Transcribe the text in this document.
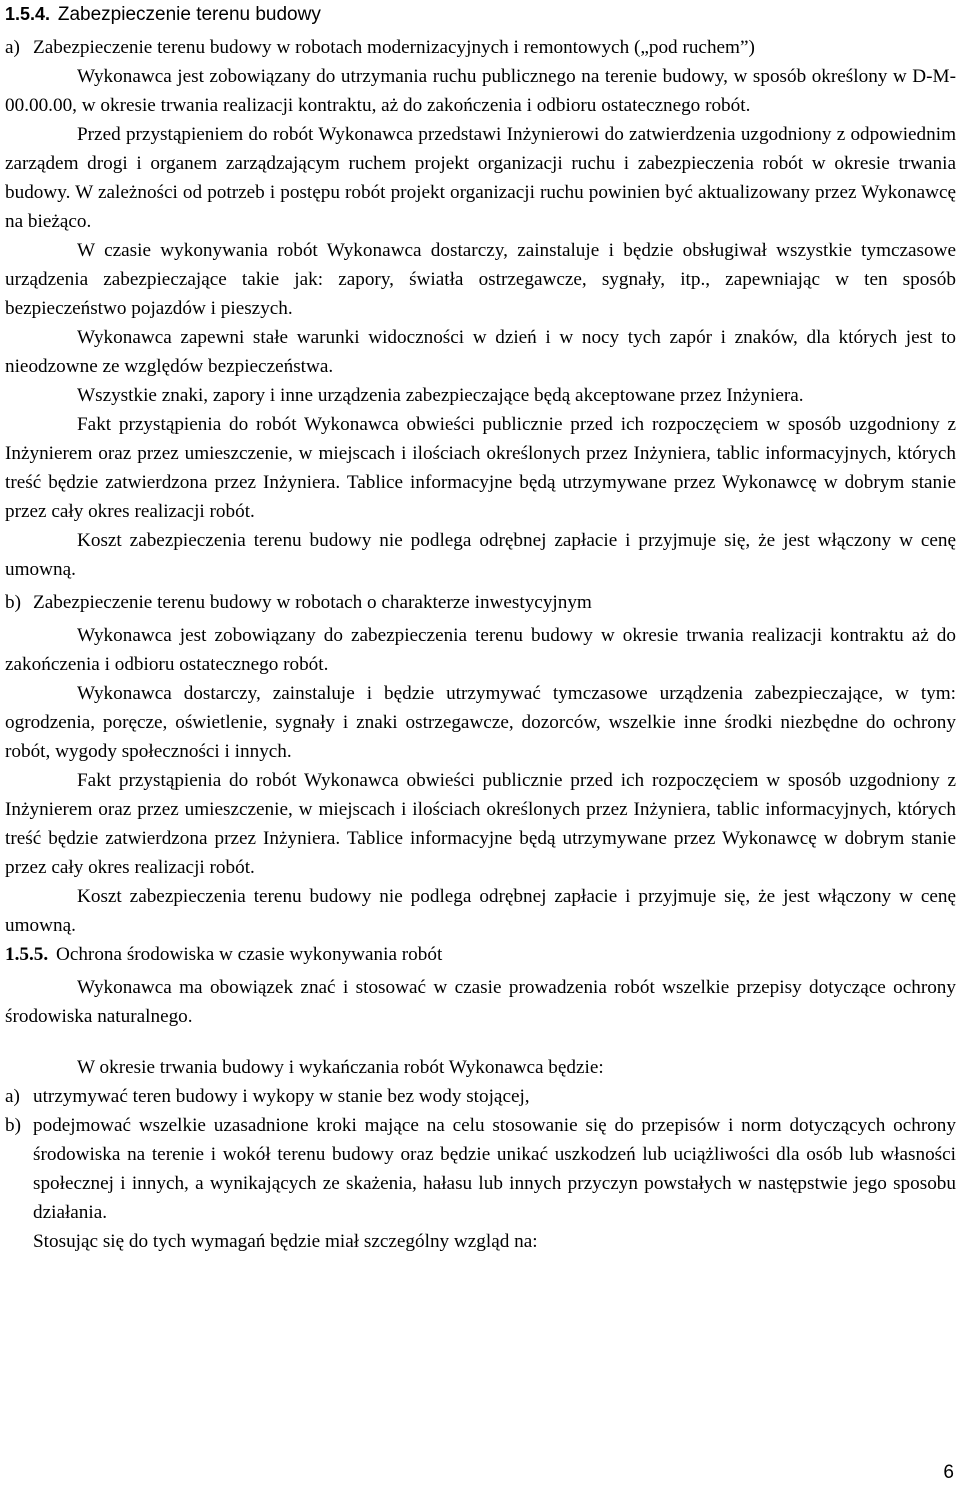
1.5.4. Zabezpieczenie terenu budowy
a) Zabezpieczenie terenu budowy w robotach modernizacyjnych i remontowych („pod ruchem”)

Wykonawca jest zobowiązany do utrzymania ruchu publicznego na terenie budowy, w sposób określony w D-M-00.00.00, w okresie trwania realizacji kontraktu, aż do zakończenia i odbioru ostatecznego robót.

Przed przystąpieniem do robót Wykonawca przedstawi Inżynierowi do zatwierdzenia uzgodniony z odpowiednim zarządem drogi i organem zarządzającym ruchem projekt organizacji ruchu i zabezpieczenia robót w okresie trwania budowy. W zależności od potrzeb i postępu robót projekt organizacji ruchu powinien być aktualizowany przez Wykonawcę na bieżąco.

W czasie wykonywania robót Wykonawca dostarczy, zainstaluje i będzie obsługiwał wszystkie tymczasowe urządzenia zabezpieczające takie jak: zapory, światła ostrzegawcze, sygnały, itp., zapewniając w ten sposób bezpieczeństwo pojazdów i pieszych.

Wykonawca zapewni stałe warunki widoczności w dzień i w nocy tych zapór i znaków, dla których jest to nieodzowne ze względów bezpieczeństwa.

Wszystkie znaki, zapory i inne urządzenia zabezpieczające będą akceptowane przez Inżyniera.

Fakt przystąpienia do robót Wykonawca obwieści publicznie przed ich rozpoczęciem w sposób uzgodniony z Inżynierem oraz przez umieszczenie, w miejscach i ilościach określonych przez Inżyniera, tablic informacyjnych, których treść będzie zatwierdzona przez Inżyniera. Tablice informacyjne będą utrzymywane przez Wykonawcę w dobrym stanie przez cały okres realizacji robót.

Koszt zabezpieczenia terenu budowy nie podlega odrębnej zapłacie i przyjmuje się, że jest włączony w cenę umowną.

b) Zabezpieczenie terenu budowy w robotach o charakterze inwestycyjnym

Wykonawca jest zobowiązany do zabezpieczenia terenu budowy w okresie trwania realizacji kontraktu aż do zakończenia i odbioru ostatecznego robót.

Wykonawca dostarczy, zainstaluje i będzie utrzymywać tymczasowe urządzenia zabezpieczające, w tym: ogrodzenia, poręcze, oświetlenie, sygnały i znaki ostrzegawcze, dozorców, wszelkie inne środki niezbędne do ochrony robót, wygody społeczności i innych.

Fakt przystąpienia do robót Wykonawca obwieści publicznie przed ich rozpoczęciem w sposób uzgodniony z Inżynierem oraz przez umieszczenie, w miejscach i ilościach określonych przez Inżyniera, tablic informacyjnych, których treść będzie zatwierdzona przez Inżyniera. Tablice informacyjne będą utrzymywane przez Wykonawcę w dobrym stanie przez cały okres realizacji robót.

Koszt zabezpieczenia terenu budowy nie podlega odrębnej zapłacie i przyjmuje się, że jest włączony w cenę umowną.

1.5.5. Ochrona środowiska w czasie wykonywania robót

Wykonawca ma obowiązek znać i stosować w czasie prowadzenia robót wszelkie przepisy dotyczące ochrony środowiska naturalnego.

W okresie trwania budowy i wykańczania robót Wykonawca będzie:

a) utrzymywać teren budowy i wykopy w stanie bez wody stojącej,
b) podejmować wszelkie uzasadnione kroki mające na celu stosowanie się do przepisów i norm dotyczących ochrony środowiska na terenie i wokół terenu budowy oraz będzie unikać uszkodzeń lub uciążliwości dla osób lub własności społecznej i innych, a wynikających ze skażenia, hałasu lub innych przyczyn powstałych w następstwie jego sposobu działania.

Stosując się do tych wymagań będzie miał szczególny wzgląd na:

6
